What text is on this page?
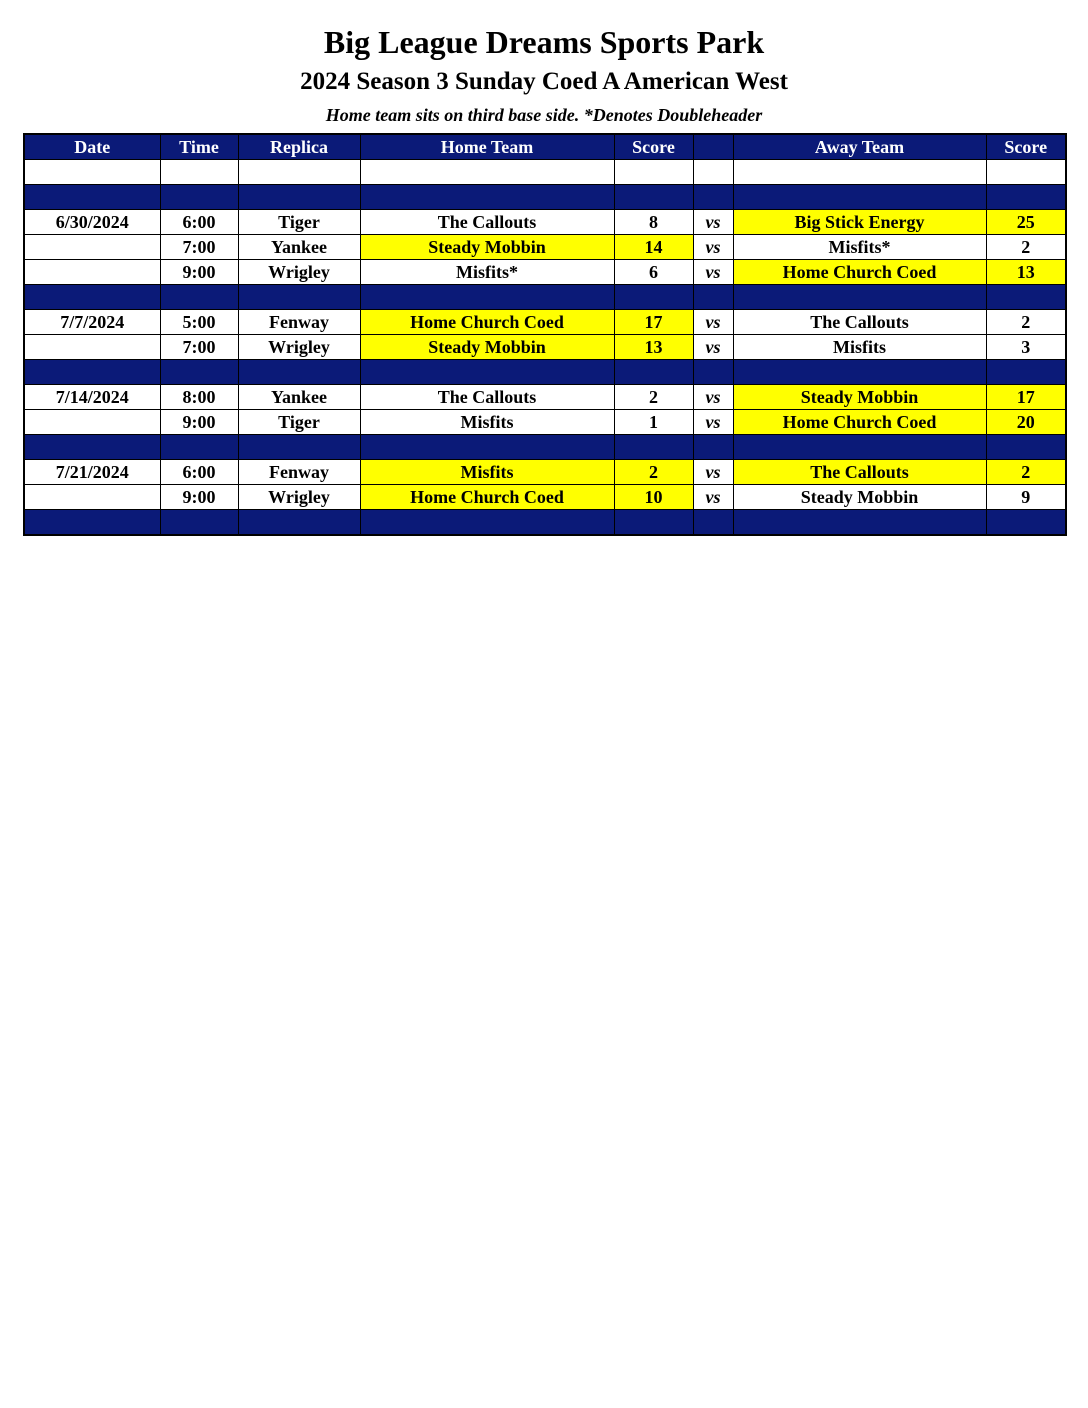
Big League Dreams Sports Park
2024 Season 3 Sunday Coed A American West
Home team sits on third base side. *Denotes Doubleheader
Date	Time	Replica	Home Team	Score		Away Team	Score

6/30/2024	6:00	Tiger	The Callouts	8	vs	Big Stick Energy	25
	7:00	Yankee	Steady Mobbin	14	vs	Misfits*	2
	9:00	Wrigley	Misfits*	6	vs	Home Church Coed	13

7/7/2024	5:00	Fenway	Home Church Coed	17	vs	The Callouts	2
	7:00	Wrigley	Steady Mobbin	13	vs	Misfits	3

7/14/2024	8:00	Yankee	The Callouts	2	vs	Steady Mobbin	17
	9:00	Tiger	Misfits	1	vs	Home Church Coed	20

7/21/2024	6:00	Fenway	Misfits	2	vs	The Callouts	2
	9:00	Wrigley	Home Church Coed	10	vs	Steady Mobbin	9
